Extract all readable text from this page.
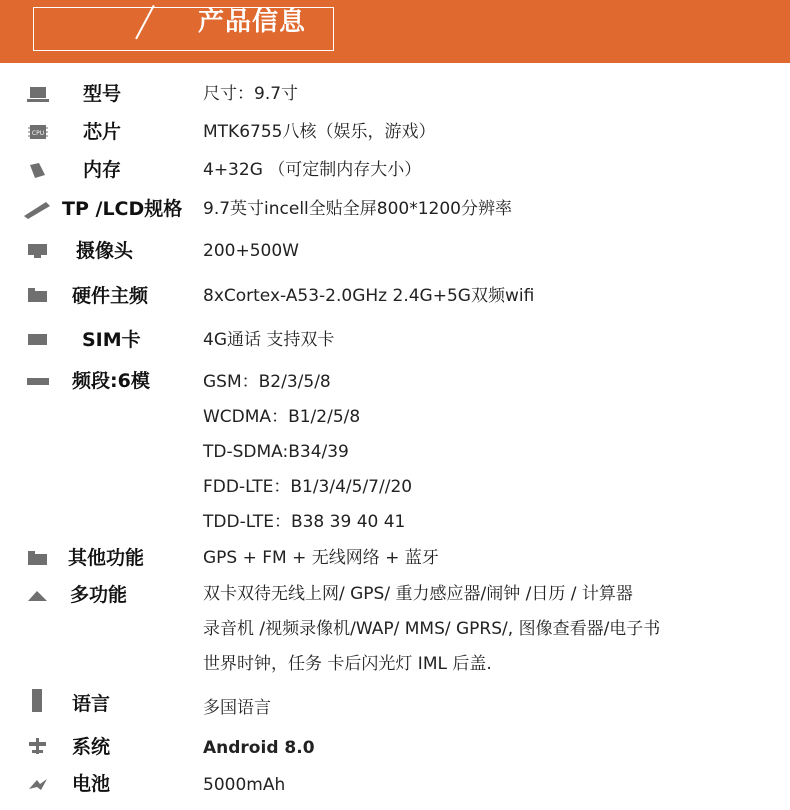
产品信息
型号	尺寸：9.7寸
CPU 芯片	MTK6755八核（娱乐，游戏）
内存	4+32G （可定制内存大小）
TP /LCD规格 9.7英寸incell全贴全屏800*1200分辨率
摄像头	200+500W
硬件主频	8xCortex-A53-2.0GHz 2.4G+5G双频wifi
SIM卡	4G通话 支持双卡
频段:6模	GSM：B2/3/5/8
WCDMA：B1/2/5/8
TD-SDMA:B34/39
FDD-LTE：B1/3/4/5/7//20
TDD-LTE：B38 39 40 41
其他功能	GPS + FM + 无线网络 + 蓝牙
多功能	双卡双待无线上网/ GPS/ 重力感应器/闹钟 /日历 / 计算器
录音机 /视频录像机/WAP/ MMS/ GPRS/, 图像查看器/电子书
世界时钟，任务 卡后闪光灯 IML 后盖.
语言	多国语言
系统	Android 8.0
电池	5000mAh
